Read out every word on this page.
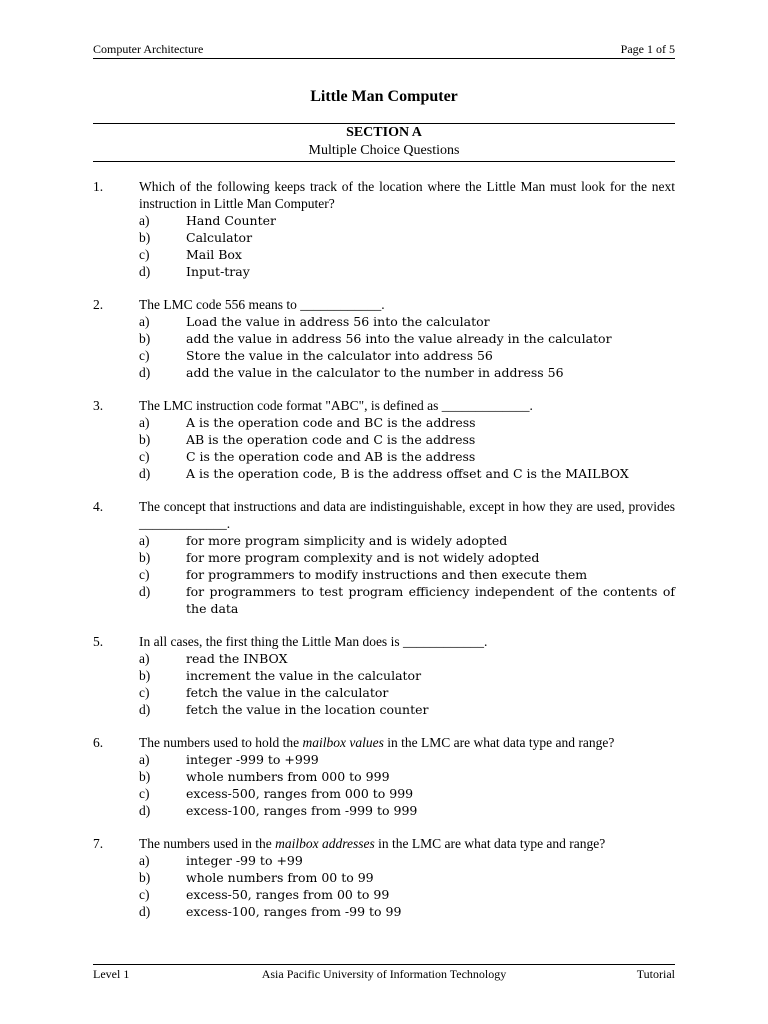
Computer Architecture	Page 1 of 5
Little Man Computer
SECTION A
Multiple Choice Questions
1.	Which of the following keeps track of the location where the Little Man must look for the next instruction in Little Man Computer?
a)	Hand Counter
b)	Calculator
c)	Mail Box
d)	Input-tray
2.	The LMC code 556 means to ____________.
a)	Load the value in address 56 into the calculator
b)	add the value in address 56 into the value already in the calculator
c)	Store the value in the calculator into address 56
d)	add the value in the calculator to the number in address 56
3.	The LMC instruction code format "ABC", is defined as _____________.
a)	A is the operation code and BC is the address
b)	AB is the operation code and C is the address
c)	C is the operation code and AB is the address
d)	A is the operation code, B is the address offset and C is the MAILBOX
4.	The concept that instructions and data are indistinguishable, except in how they are used, provides _____________.
a)	for more program simplicity and is widely adopted
b)	for more program complexity and is not widely adopted
c)	for programmers to modify instructions and then execute them
d)	for programmers to test program efficiency independent of the contents of the data
5.	In all cases, the first thing the Little Man does is ____________.
a)	read the INBOX
b)	increment the value in the calculator
c)	fetch the value in the calculator
d)	fetch the value in the location counter
6.	The numbers used to hold the mailbox values in the LMC are what data type and range?
a)	integer -999 to +999
b)	whole numbers from 000 to 999
c)	excess-500, ranges from 000 to 999
d)	excess-100, ranges from -999 to 999
7.	The numbers used in the mailbox addresses in the LMC are what data type and range?
a)	integer -99 to +99
b)	whole numbers from 00 to 99
c)	excess-50, ranges from 00 to 99
d)	excess-100, ranges from -99 to 99
Level 1	Asia Pacific University of Information Technology	Tutorial
